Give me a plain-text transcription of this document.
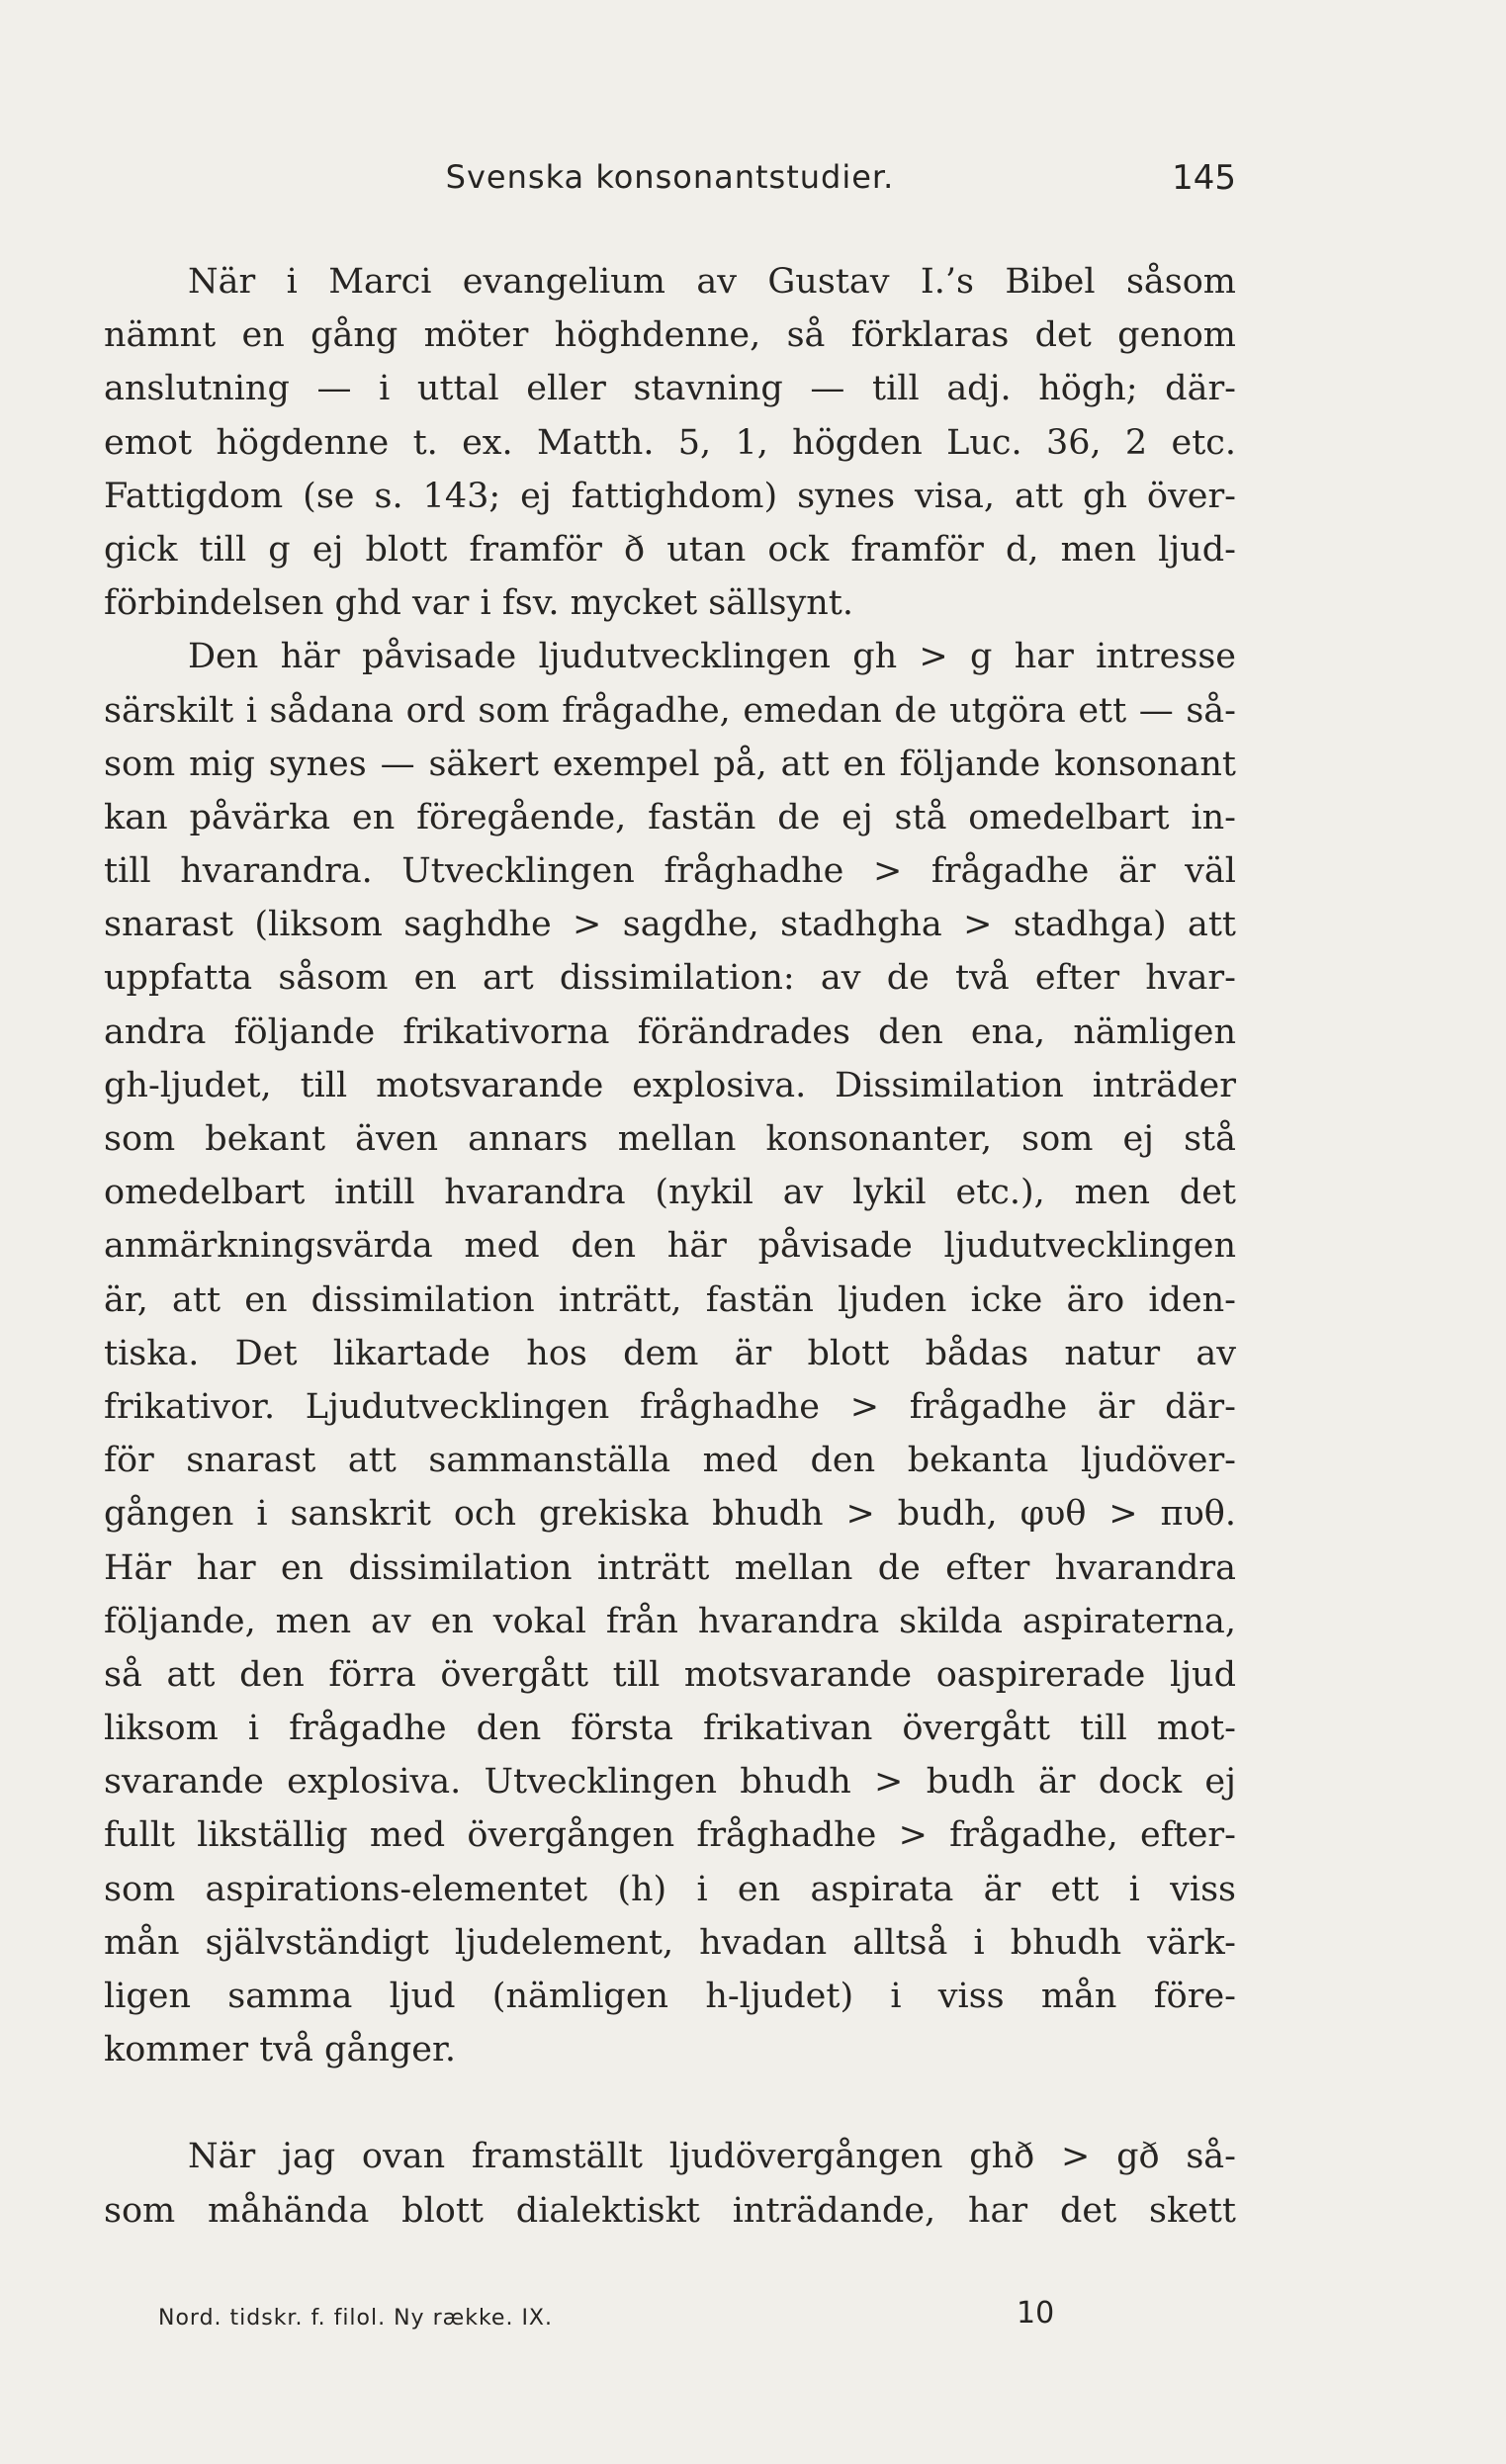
Svenska konsonantstudier.	145
När i Marci evangelium av Gustav I.’s Bibel såsom
nämnt en gång möter höghdenne, så förklaras det genom
anslutning — i uttal eller stavning — till adj. högh; där-
emot högdenne t. ex. Matth. 5, 1, högden Luc. 36, 2 etc.
Fattigdom (se s. 143; ej fattighdom) synes visa, att gh över-
gick till g ej blott framför ð utan ock framför d, men ljud-
förbindelsen ghd var i fsv. mycket sällsynt.
Den här påvisade ljudutvecklingen gh > g har intresse
särskilt i sådana ord som frågadhe, emedan de utgöra ett — så-
som mig synes — säkert exempel på, att en följande konsonant
kan påvärka en föregående, fastän de ej stå omedelbart in-
till hvarandra. Utvecklingen fråghadhe > frågadhe är väl
snarast (liksom saghdhe > sagdhe, stadhgha > stadhga) att
uppfatta såsom en art dissimilation: av de två efter hvar-
andra följande frikativorna förändrades den ena, nämligen
gh-ljudet, till motsvarande explosiva. Dissimilation inträder
som bekant även annars mellan konsonanter, som ej stå
omedelbart intill hvarandra (nykil av lykil etc.), men det
anmärkningsvärda med den här påvisade ljudutvecklingen
är, att en dissimilation inträtt, fastän ljuden icke äro iden-
tiska. Det likartade hos dem är blott bådas natur av
frikativor. Ljudutvecklingen fråghadhe > frågadhe är där-
för snarast att sammanställa med den bekanta ljudöver-
gången i sanskrit och grekiska bhudh > budh, φυθ > πυθ.
Här har en dissimilation inträtt mellan de efter hvarandra
följande, men av en vokal från hvarandra skilda aspiraterna,
så att den förra övergått till motsvarande oaspirerade ljud
liksom i frågadhe den första frikativan övergått till mot-
svarande explosiva. Utvecklingen bhudh > budh är dock ej
fullt likställig med övergången fråghadhe > frågadhe, efter-
som aspirations-elementet (h) i en aspirata är ett i viss
mån självständigt ljudelement, hvadan alltså i bhudh värk-
ligen samma ljud (nämligen h-ljudet) i viss mån före-
kommer två gånger.
När jag ovan framställt ljudövergången ghð > gð så-
som måhända blott dialektiskt inträdande, har det skett
Nord. tidskr. f. filol. Ny række. IX.	10
